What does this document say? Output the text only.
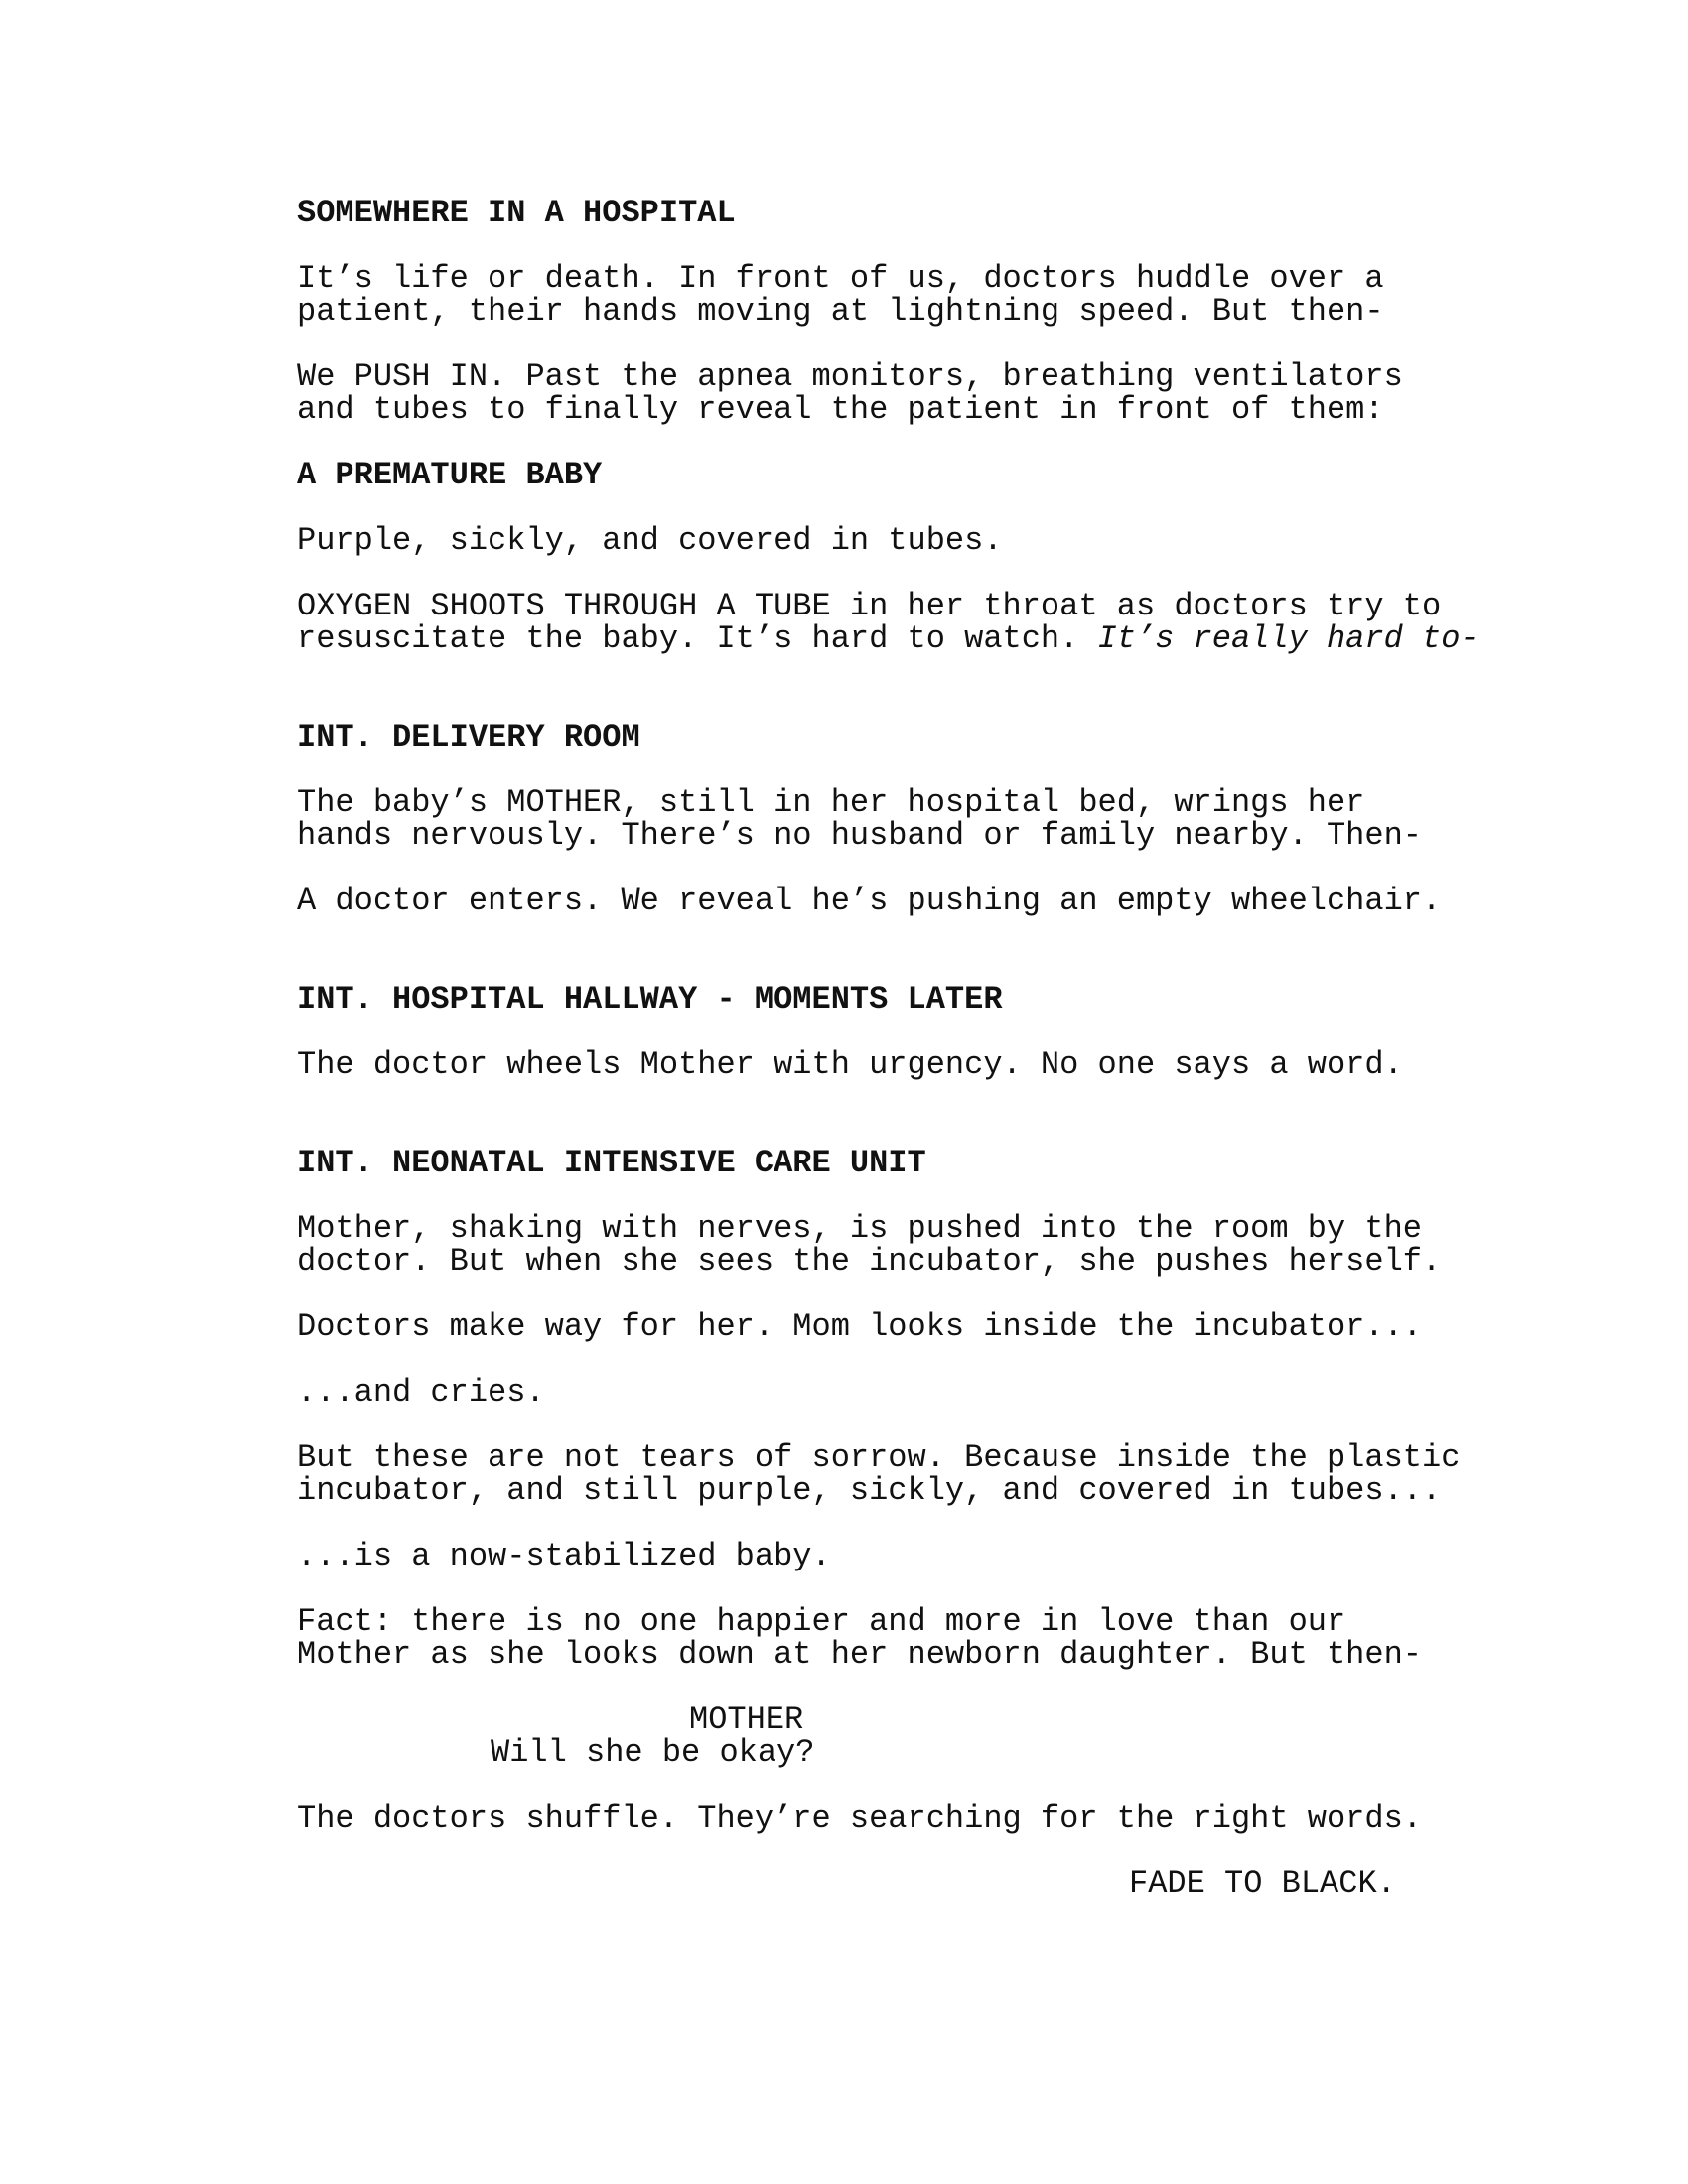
SOMEWHERE IN A HOSPITAL

It’s life or death. In front of us, doctors huddle over a

patient, their hands moving at lightning speed. But then-

We PUSH IN. Past the apnea monitors, breathing ventilators

and tubes to finally reveal the patient in front of them:

A PREMATURE BABY

Purple, sickly, and covered in tubes.

OXYGEN SHOOTS THROUGH A TUBE in her throat as doctors try to

resuscitate the baby. It’s hard to watch. It’s really hard to-

INT. DELIVERY ROOM

The baby’s MOTHER, still in her hospital bed, wrings her

hands nervously. There’s no husband or family nearby. Then-

A doctor enters. We reveal he’s pushing an empty wheelchair.

INT. HOSPITAL HALLWAY - MOMENTS LATER

The doctor wheels Mother with urgency. No one says a word.

INT. NEONATAL INTENSIVE CARE UNIT

Mother, shaking with nerves, is pushed into the room by the

doctor. But when she sees the incubator, she pushes herself.

Doctors make way for her. Mom looks inside the incubator...

...and cries.

But these are not tears of sorrow. Because inside the plastic

incubator, and still purple, sickly, and covered in tubes...

...is a now-stabilized baby.

Fact: there is no one happier and more in love than our

Mother as she looks down at her newborn daughter. But then-

MOTHER

Will she be okay?

The doctors shuffle. They’re searching for the right words.

FADE TO BLACK.
